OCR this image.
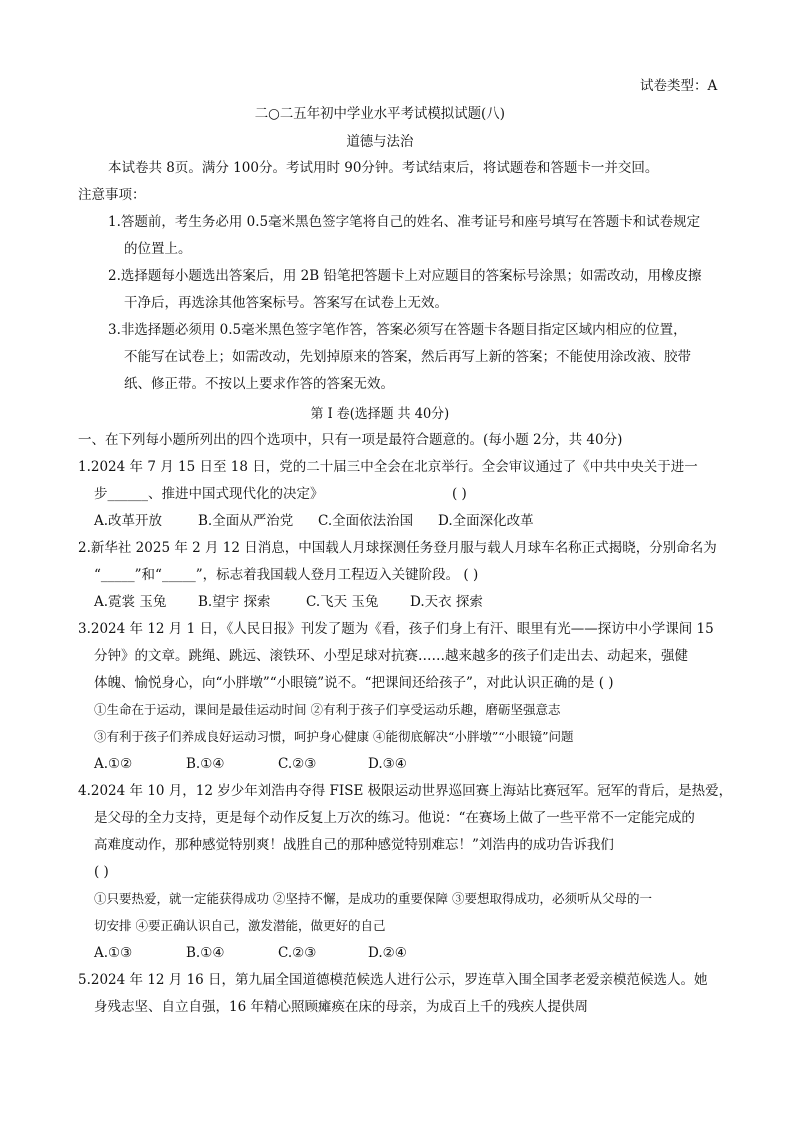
试卷类型：A
二○二五年初中学业水平考试模拟试题(八)
道德与法治
本试卷共 8页。满分 100分。考试用时 90分钟。考试结束后，将试题卷和答题卡一并交回。
注意事项：
1.答题前，考生务必用 0.5毫米黑色签字笔将自己的姓名、准考证号和座号填写在答题卡和试卷规定
的位置上。
2.选择题每小题选出答案后，用 2B 铅笔把答题卡上对应题目的答案标号涂黑；如需改动，用橡皮擦
干净后，再选涂其他答案标号。答案写在试卷上无效。
3.非选择题必须用 0.5毫米黑色签字笔作答，答案必须写在答题卡各题目指定区域内相应的位置，
不能写在试卷上；如需改动，先划掉原来的答案，然后再写上新的答案；不能使用涂改液、胶带
纸、修正带。不按以上要求作答的答案无效。
第 I 卷(选择题 共 40分)
一、在下列每小题所列出的四个选项中，只有一项是最符合题意的。(每小题 2分，共 40分)
1.2024 年 7 月 15 日至 18 日，党的二十届三中全会在北京举行。全会审议通过了《中共中央关于进一
步______、推进中国式现代化的决定》	( )
A.改革开放	B.全面从严治党 C.全面依法治国 D.全面深化改革
2.新华社 2025 年 2 月 12 日消息，中国载人月球探测任务登月服与载人月球车名称正式揭晓，分别命名为
“_____”和“_____”，标志着我国载人登月工程迈入关键阶段。 ( )
A.霓裳 玉兔 B.望宇 探索	C.飞天 玉兔 D.天衣 探索
3.2024 年 12 月 1 日，《人民日报》刊发了题为《看，孩子们身上有汗、眼里有光——探访中小学课间 15
分钟》的文章。跳绳、跳远、滚铁环、小型足球对抗赛……越来越多的孩子们走出去、动起来，强健
体魄、愉悦身心，向“小胖墩”“小眼镜”说不。“把课间还给孩子”，对此认识正确的是 ( )
①生命在于运动，课间是最佳运动时间 ②有利于孩子们享受运动乐趣，磨砺坚强意志
③有利于孩子们养成良好运动习惯，呵护身心健康 ④能彻底解决“小胖墩”“小眼镜”问题
A.①②	B.①④	C.②③	D.③④
4.2024 年 10 月，12 岁少年刘浩冉夺得 FISE 极限运动世界巡回赛上海站比赛冠军。冠军的背后，是热爱，
是父母的全力支持，更是每个动作反复上万次的练习。他说：“在赛场上做了一些平常不一定能完成的
高难度动作，那种感觉特别爽！战胜自己的那种感觉特别难忘！”刘浩冉的成功告诉我们
( )
①只要热爱，就一定能获得成功 ②坚持不懈，是成功的重要保障 ③要想取得成功，必须听从父母的一
切安排 ④要正确认识自己，激发潜能，做更好的自己
A.①③	B.①④	C.②③	D.②④
5.2024 年 12 月 16 日，第九届全国道德模范候选人进行公示，罗连草入围全国孝老爱亲模范候选人。她
身残志坚、自立自强，16 年精心照顾瘫痪在床的母亲，为成百上千的残疾人提供周
